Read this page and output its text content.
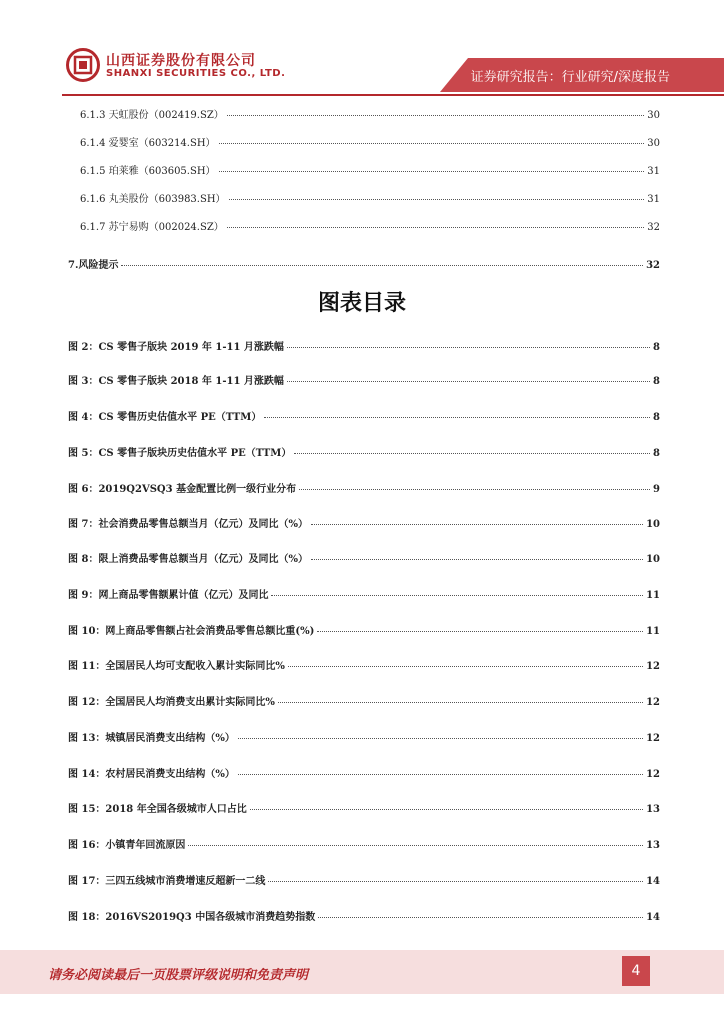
山西证券股份有限公司
SHANXI SECURITIES CO., LTD.	证券研究报告：行业研究/深度报告
6.1.3 天虹股份（002419.SZ）	30
6.1.4 爱婴室（603214.SH）	30
6.1.5 珀莱雅（603605.SH）	31
6.1.6 丸美股份（603983.SH）	31
6.1.7 苏宁易购（002024.SZ）	32
7.风险提示	32
图表目录
图 2：CS 零售子版块 2019 年 1-11 月涨跌幅	8
图 3：CS 零售子版块 2018 年 1-11 月涨跌幅	8
图 4：CS 零售历史估值水平 PE（TTM）	8
图 5：CS 零售子版块历史估值水平 PE（TTM）	8
图 6：2019Q2VSQ3 基金配置比例一级行业分布	9
图 7：社会消费品零售总额当月（亿元）及同比（%）	10
图 8：限上消费品零售总额当月（亿元）及同比（%）	10
图 9：网上商品零售额累计值（亿元）及同比	11
图 10：网上商品零售额占社会消费品零售总额比重(%)	11
图 11：全国居民人均可支配收入累计实际同比%	12
图 12：全国居民人均消费支出累计实际同比%	12
图 13：城镇居民消费支出结构（%）	12
图 14：农村居民消费支出结构（%）	12
图 15：2018 年全国各级城市人口占比	13
图 16：小镇青年回流原因	13
图 17：三四五线城市消费增速反超新一二线	14
图 18：2016VS2019Q3 中国各级城市消费趋势指数	14
请务必阅读最后一页股票评级说明和免责声明	4
